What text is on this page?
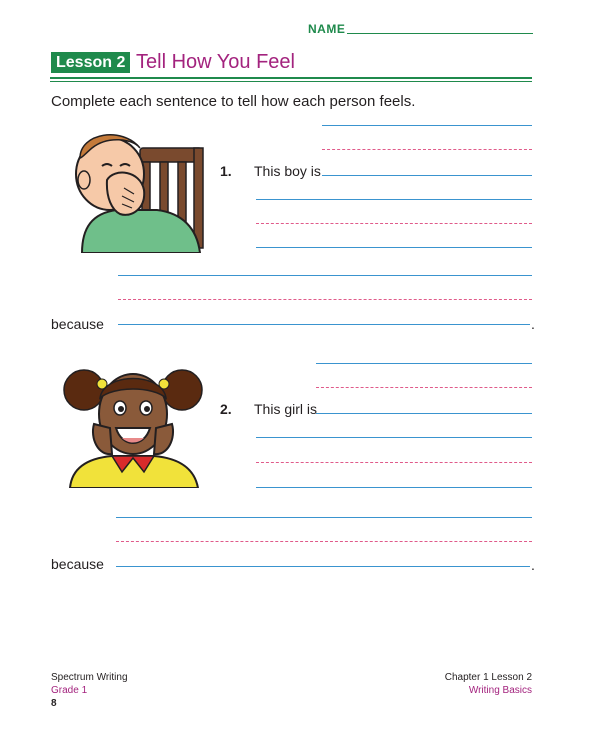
NAME
Lesson 2 Tell How You Feel
Complete each sentence to tell how each person feels.
1. This boy is
because	.
2. This girl is
because	.
Spectrum Writing
Grade 1
8
Chapter 1 Lesson 2
Writing Basics
